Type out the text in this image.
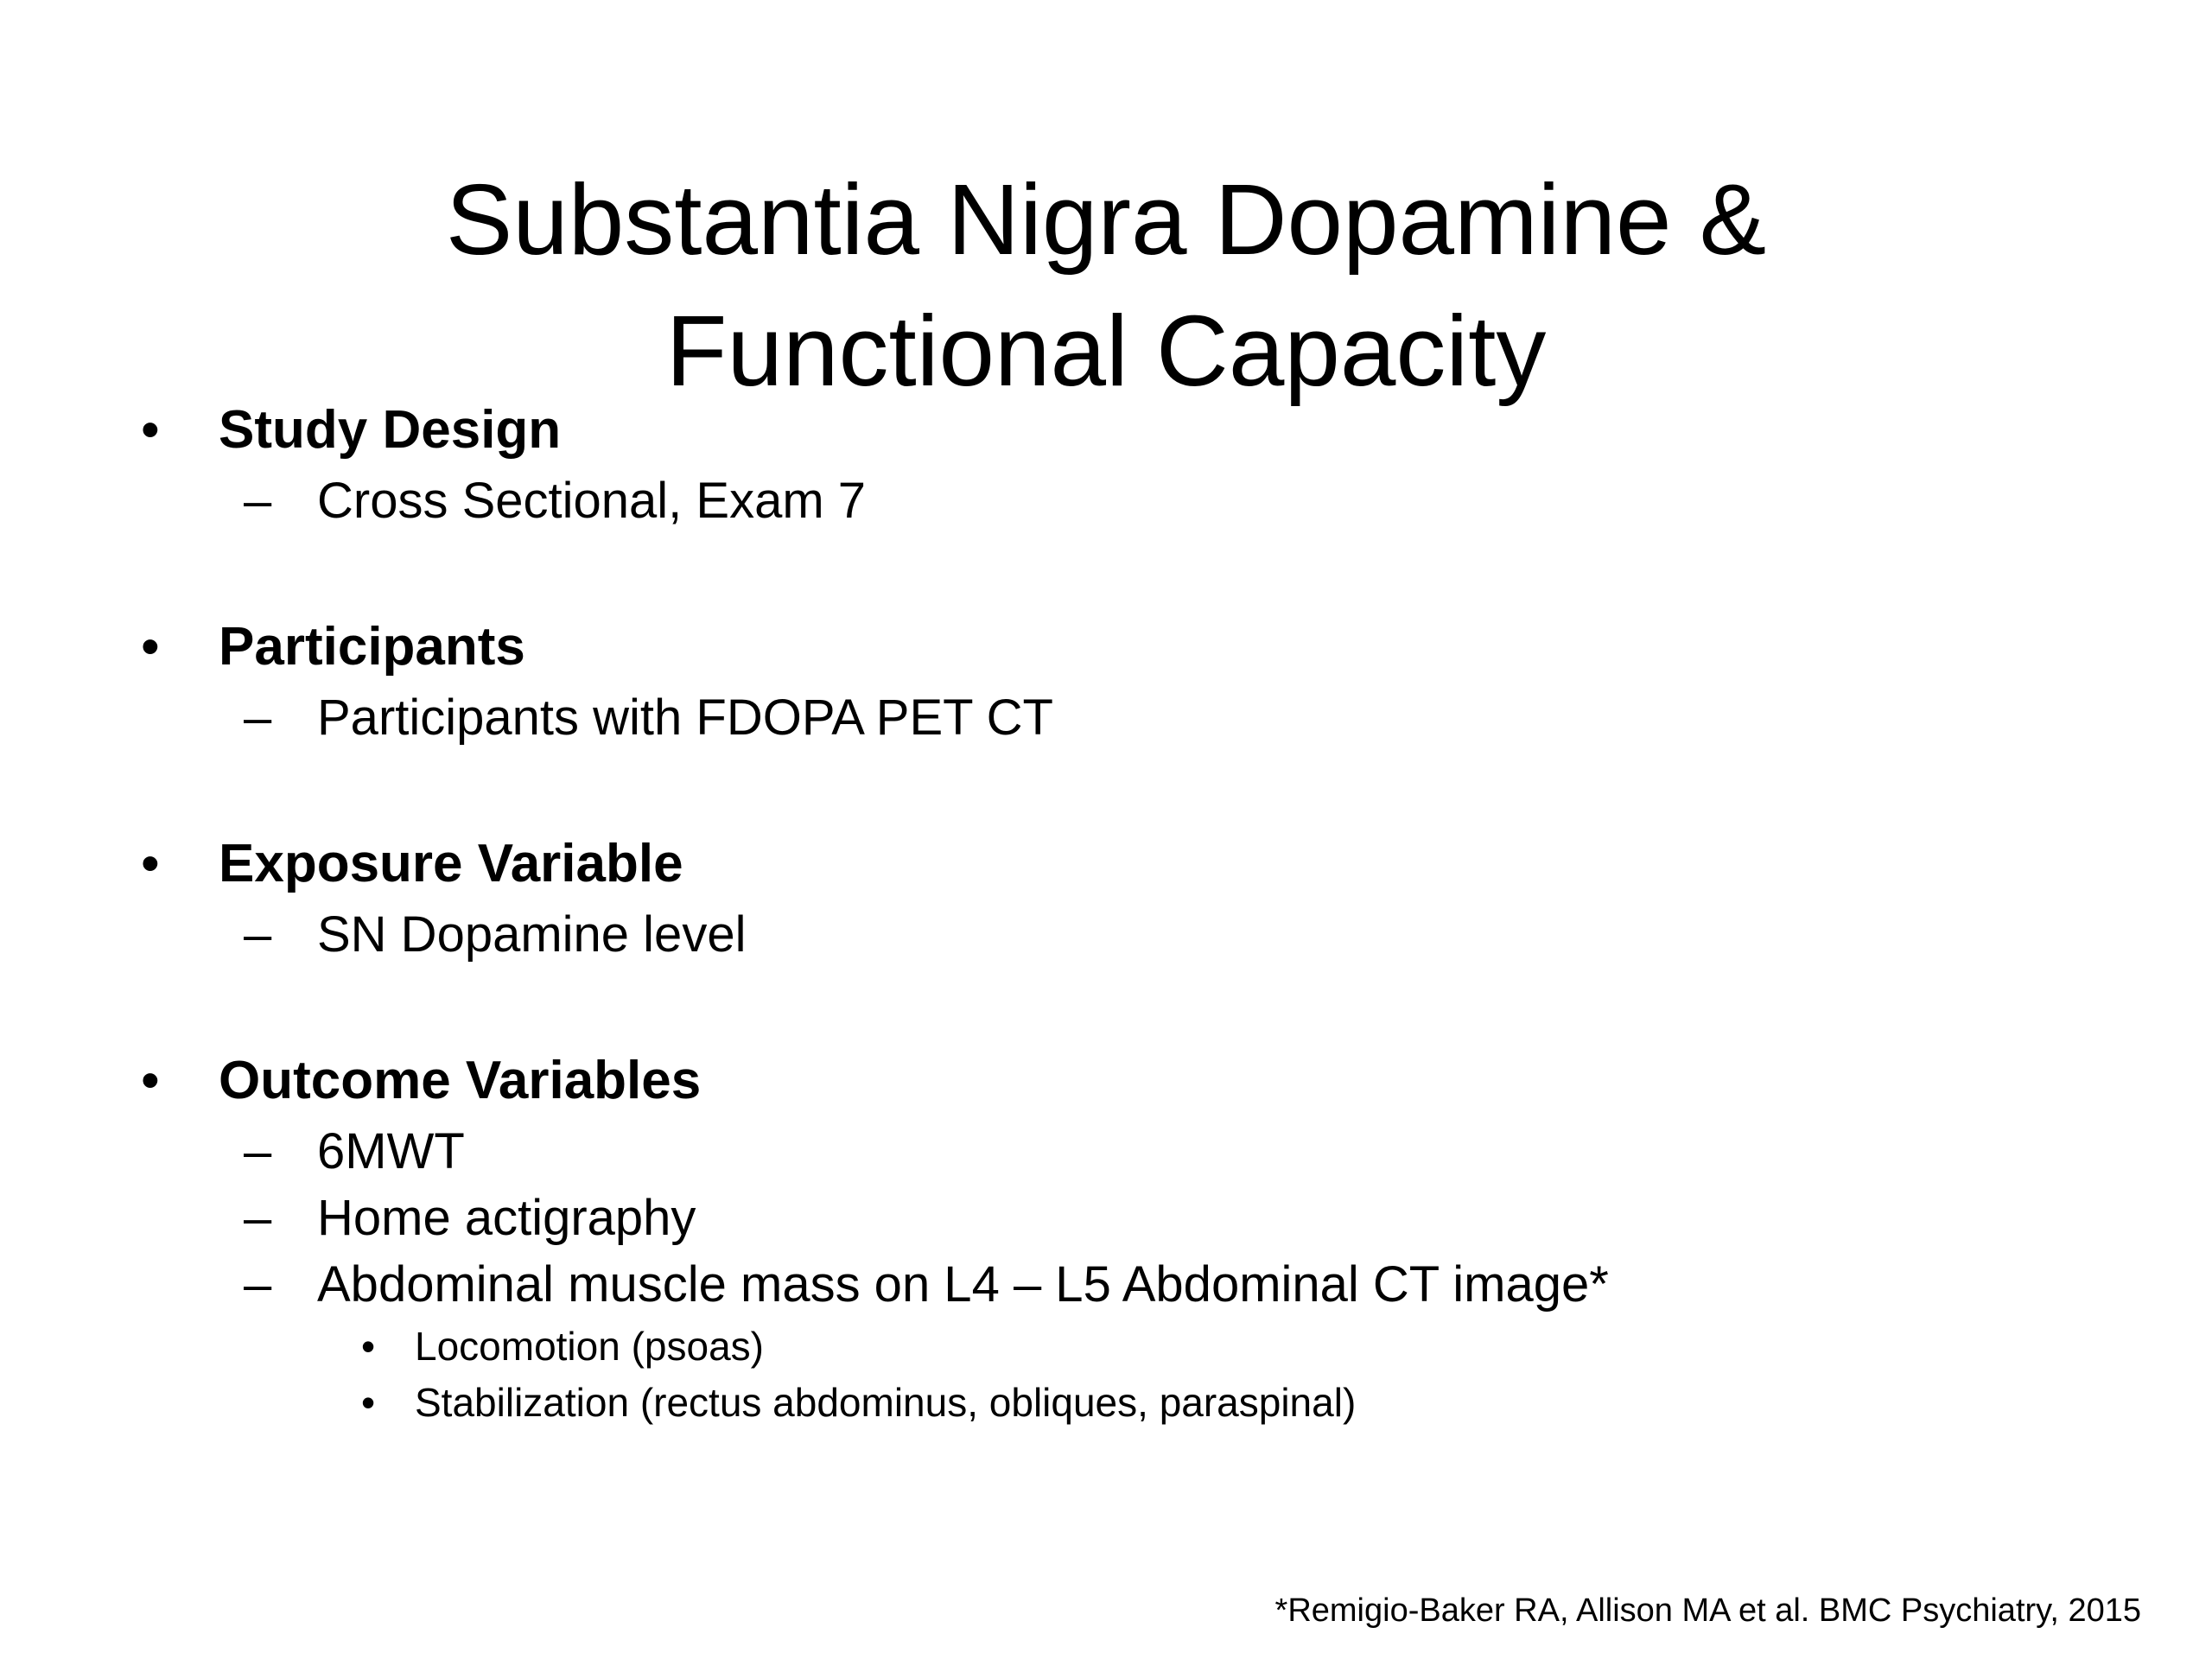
Substantia Nigra Dopamine &
Functional Capacity
• Study Design
– Cross Sectional, Exam 7
• Participants
– Participants with FDOPA PET CT
• Exposure Variable
– SN Dopamine level
• Outcome Variables
– 6MWT
– Home actigraphy
– Abdominal muscle mass on L4 – L5 Abdominal CT image*
• Locomotion (psoas)
• Stabilization (rectus abdominus, obliques, paraspinal)
*Remigio-Baker RA, Allison MA et al. BMC Psychiatry, 2015
